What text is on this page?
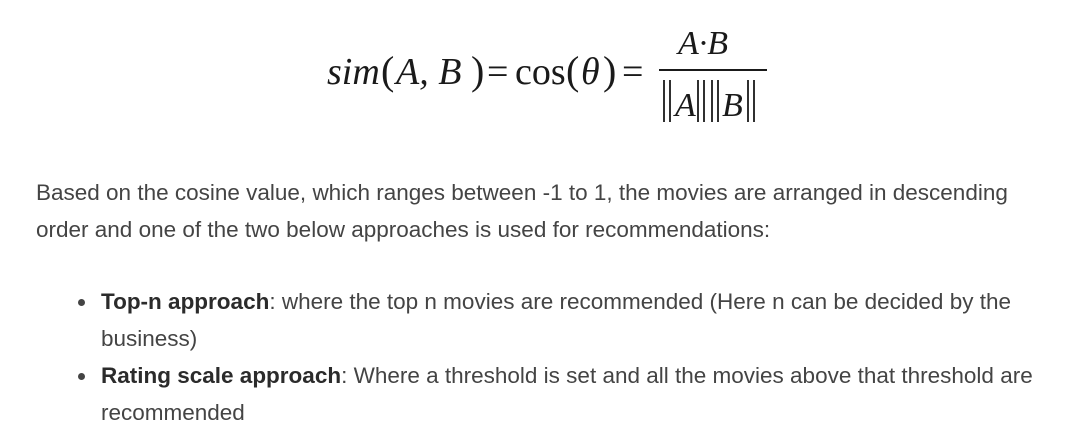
sim ( A, B ) = cos ( θ ) =
A·B
A B

Based on the cosine value, which ranges between -1 to 1, the movies are arranged in descending order and one of the two below approaches is used for recommendations:

Top-n approach: where the top n movies are recommended (Here n can be decided by the business)
Rating scale approach: Where a threshold is set and all the movies above that threshold are recommended
